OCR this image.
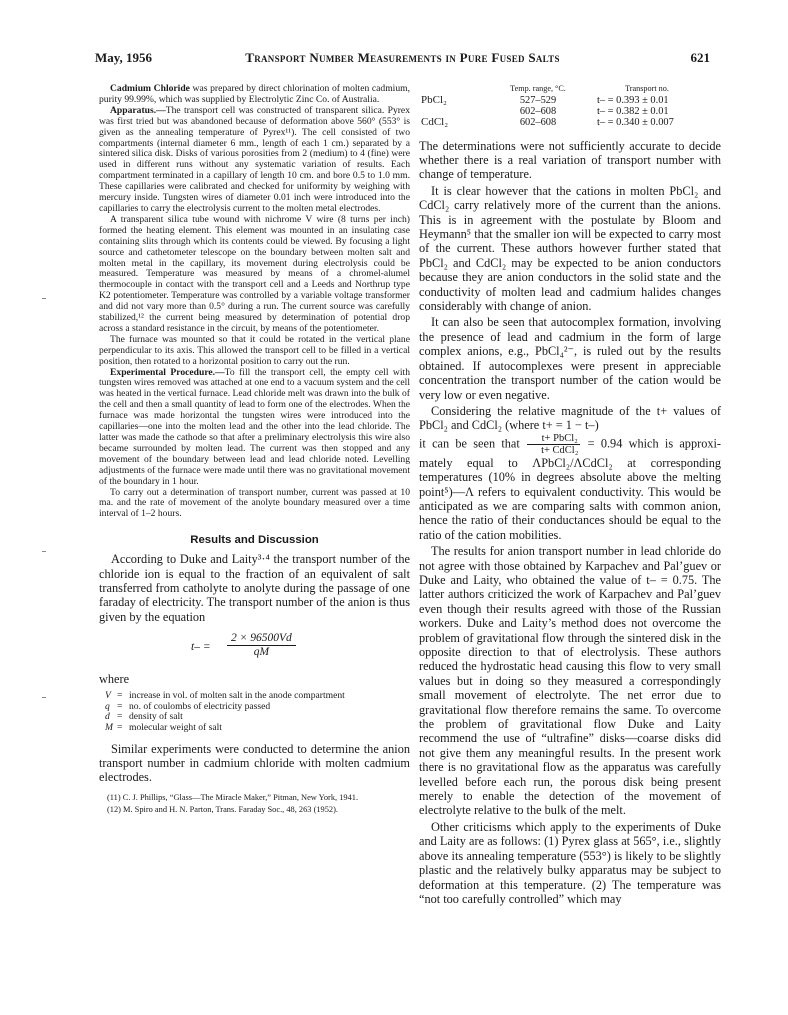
May, 1956	Transport Number Measurements in Pure Fused Salts	621

Cadmium Chloride was prepared by direct chlorination of molten cadmium, purity 99.99%, which was supplied by Electrolytic Zinc Co. of Australia.

Apparatus.—The transport cell was constructed of transparent silica. Pyrex was first tried but was abandoned because of deformation above 560° (553° is given as the annealing temperature of Pyrex¹¹). The cell consisted of two compartments (internal diameter 6 mm., length of each 1 cm.) separated by a sintered silica disk. Disks of various porosities from 2 (medium) to 4 (fine) were used in different runs without any systematic variation of results. Each compartment terminated in a capillary of length 10 cm. and bore 0.5 to 1.0 mm. These capillaries were calibrated and checked for uniformity by weighing with mercury inside. Tungsten wires of diameter 0.01 inch were introduced into the capillaries to carry the electrolysis current to the molten metal electrodes.

A transparent silica tube wound with nichrome V wire (8 turns per inch) formed the heating element. This element was mounted in an insulating case containing slits through which its contents could be viewed. By focusing a light source and cathetometer telescope on the boundary between molten salt and molten metal in the capillary, its movement during electrolysis could be measured. Temperature was measured by means of a chromel-alumel thermocouple in contact with the transport cell and a Leeds and Northrup type K2 potentiometer. Temperature was controlled by a variable voltage transformer and did not vary more than 0.5° during a run. The current source was carefully stabilized,¹² the current being measured by determination of potential drop across a standard resistance in the circuit, by means of the potentiometer.

The furnace was mounted so that it could be rotated in the vertical plane perpendicular to its axis. This allowed the transport cell to be filled in a vertical position, then rotated to a horizontal position to carry out the run.

Experimental Procedure.—To fill the transport cell, the empty cell with tungsten wires removed was attached at one end to a vacuum system and the cell was heated in the vertical furnace. Lead chloride melt was drawn into the bulk of the cell and then a small quantity of lead to form one of the electrodes. When the furnace was made horizontal the tungsten wires were introduced into the capillaries—one into the molten lead and the other into the lead chloride. The latter was made the cathode so that after a preliminary electrolysis this wire also became surrounded by molten lead. The current was then stopped and any movement of the boundary between lead and lead chloride noted. Levelling adjustments of the furnace were made until there was no gravitational movement of the boundary in 1 hour.

To carry out a determination of transport number, current was passed at 10 ma. and the rate of movement of the anolyte boundary measured over a time interval of 1–2 hours.

Results and Discussion

According to Duke and Laity³·⁴ the transport number of the chloride ion is equal to the fraction of an equivalent of salt transferred from catholyte to anolyte during the passage of one faraday of electricity. The transport number of the anion is thus given by the equation

$t- = \frac{2 \times 96500Vd}{qM}$
where
V = increase in vol. of molten salt in the anode compartment
q = no. of coulombs of electricity passed
d = density of salt
M = molecular weight of salt

Similar experiments were conducted to determine the anion transport number in cadmium chloride with molten cadmium electrodes.

(11) C. J. Phillips, “Glass—The Miracle Maker,” Pitman, New York, 1941.

(12) M. Spiro and H. N. Parton, Trans. Faraday Soc., 48, 263 (1952).

	Temp. range, °C.	Transport no.
PbCl₂	527–529	t– = 0.393 ± 0.01
	602–608	t– = 0.382 ± 0.01
CdCl₂	602–608	t– = 0.340 ± 0.007

The determinations were not sufficiently accurate to decide whether there is a real variation of transport number with change of temperature.

It is clear however that the cations in molten PbCl₂ and CdCl₂ carry relatively more of the current than the anions. This is in agreement with the postulate by Bloom and Heymann⁵ that the smaller ion will be expected to carry most of the current. These authors however further stated that PbCl₂ and CdCl₂ may be expected to be anion conductors because they are anion conductors in the solid state and the conductivity of molten lead and cadmium halides changes considerably with change of anion.

It can also be seen that autocomplex formation, involving the presence of lead and cadmium in the form of large complex anions, e.g., PbCl₄²⁻, is ruled out by the results obtained. If autocomplexes were present in appreciable concentration the transport number of the cation would be very low or even negative.

Considering the relative magnitude of the t+ values of PbCl₂ and CdCl₂ (where t+ = 1 − t–)
it can be seen that $\frac{\text{t+ PbCl₂}}{\text{t+ CdCl₂}} = 0.94$ which is approxi- mately equal to ΛPbCl₂/ΛCdCl₂ at corresponding temperatures (10% in degrees absolute above the melting point⁵)—Λ refers to equivalent conductivity. This would be anticipated as we are comparing salts with common anion, hence the ratio of their conductances should be equal to the ratio of the cation mobilities.

The results for anion transport number in lead chloride do not agree with those obtained by Karpachev and Pal’guev or Duke and Laity, who obtained the value of t– = 0.75. The latter authors criticized the work of Karpachev and Pal’guev even though their results agreed with those of the Russian workers. Duke and Laity’s method does not overcome the problem of gravitational flow through the sintered disk in the opposite direction to that of electrolysis. These authors reduced the hydrostatic head causing this flow to very small values but in doing so they measured a correspondingly small movement of electrolyte. The net error due to gravitational flow therefore remains the same. To overcome the problem of gravitational flow Duke and Laity recommend the use of “ultrafine” disks—coarse disks did not give them any meaningful results. In the present work there is no gravitational flow as the apparatus was carefully levelled before each run, the porous disk being present merely to enable the detection of the movement of electrolyte relative to the bulk of the melt.

Other criticisms which apply to the experiments of Duke and Laity are as follows: (1) Pyrex glass at 565°, i.e., slightly above its annealing temperature (553°) is likely to be slightly plastic and the relatively bulky apparatus may be subject to deformation at this temperature. (2) The temperature was “not too carefully controlled” which may
